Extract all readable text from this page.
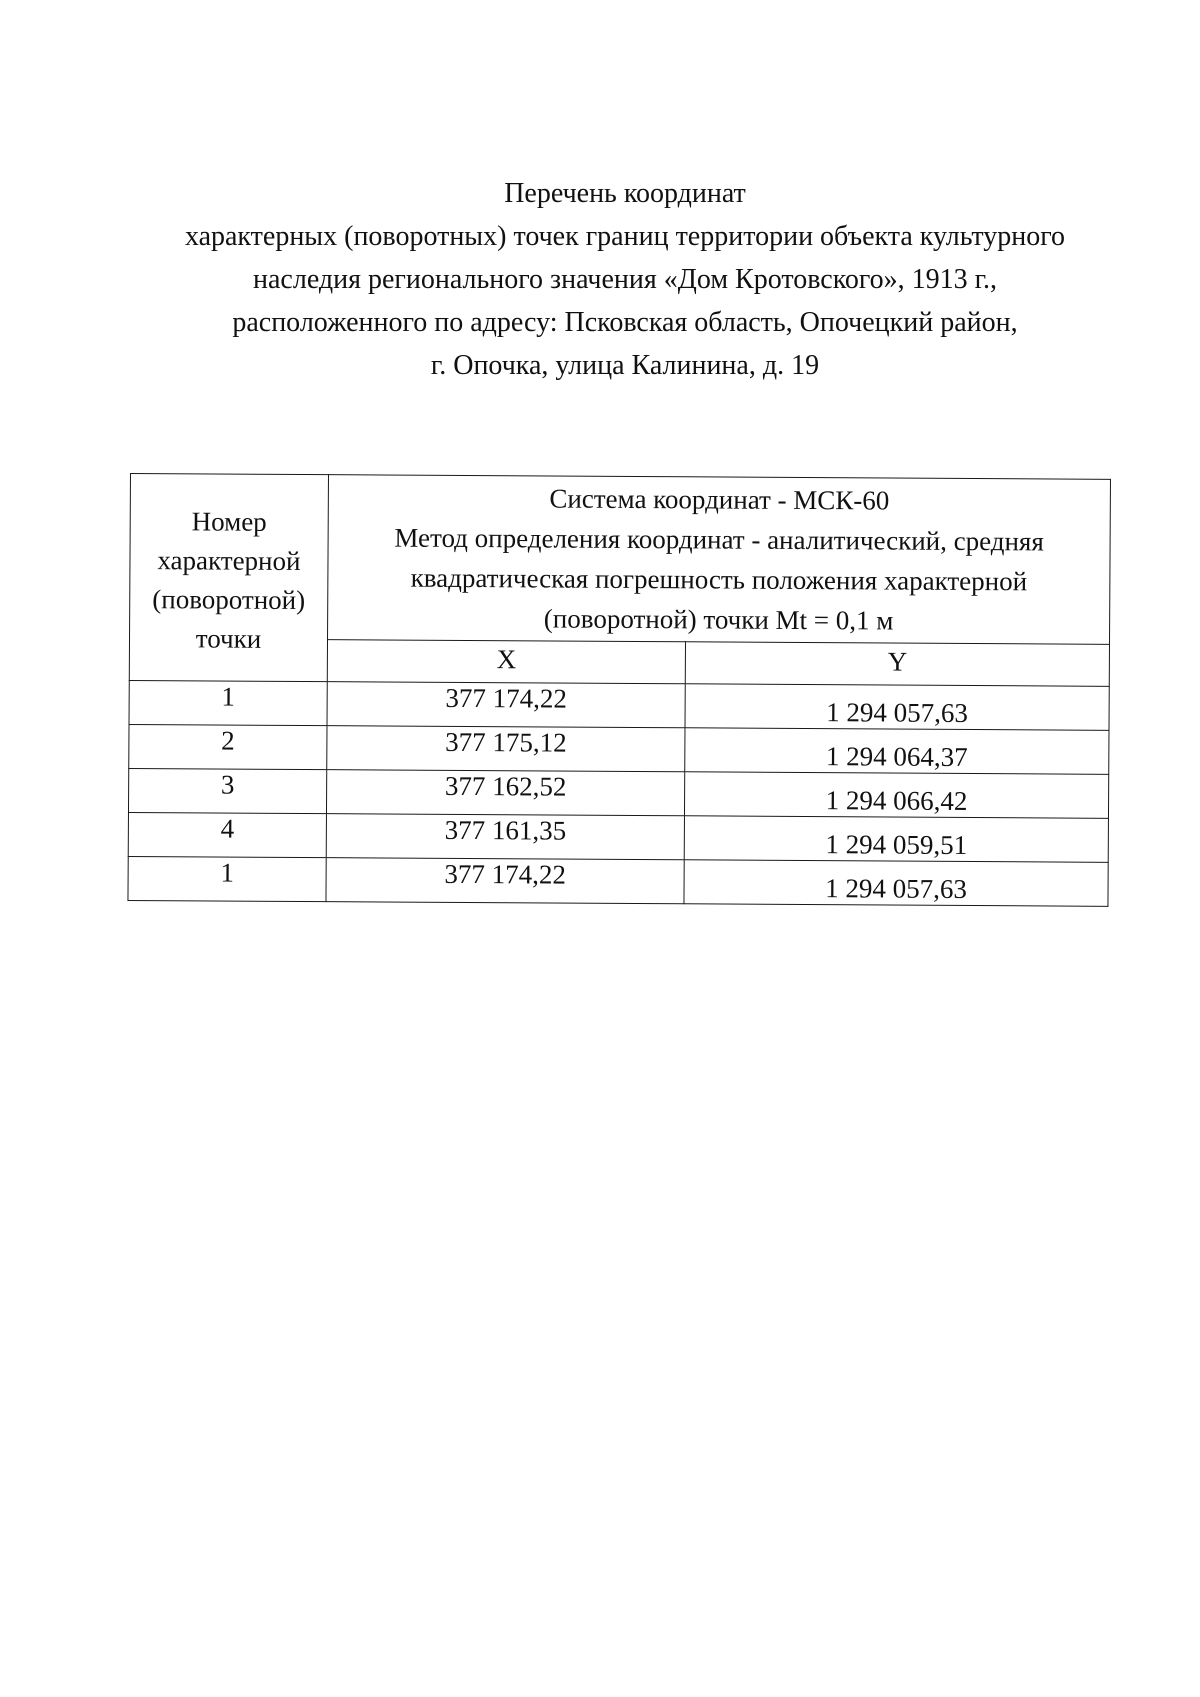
Перечень координат
характерных (поворотных) точек границ территории объекта культурного
наследия регионального значения «Дом Кротовского», 1913 г.,
расположенного по адресу: Псковская область, Опочецкий район,
г. Опочка, улица Калинина, д. 19
Номер
характерной
(поворотной)
точки	Система координат - МСК-60
Метод определения координат - аналитический, средняя
квадратическая погрешность положения характерной
(поворотной) точки Mt = 0,1 м	

	X	Y
1	377 174,22	1 294 057,63
2	377 175,12	1 294 064,37
3	377 162,52	1 294 066,42
4	377 161,35	1 294 059,51
1	377 174,22	1 294 057,63
